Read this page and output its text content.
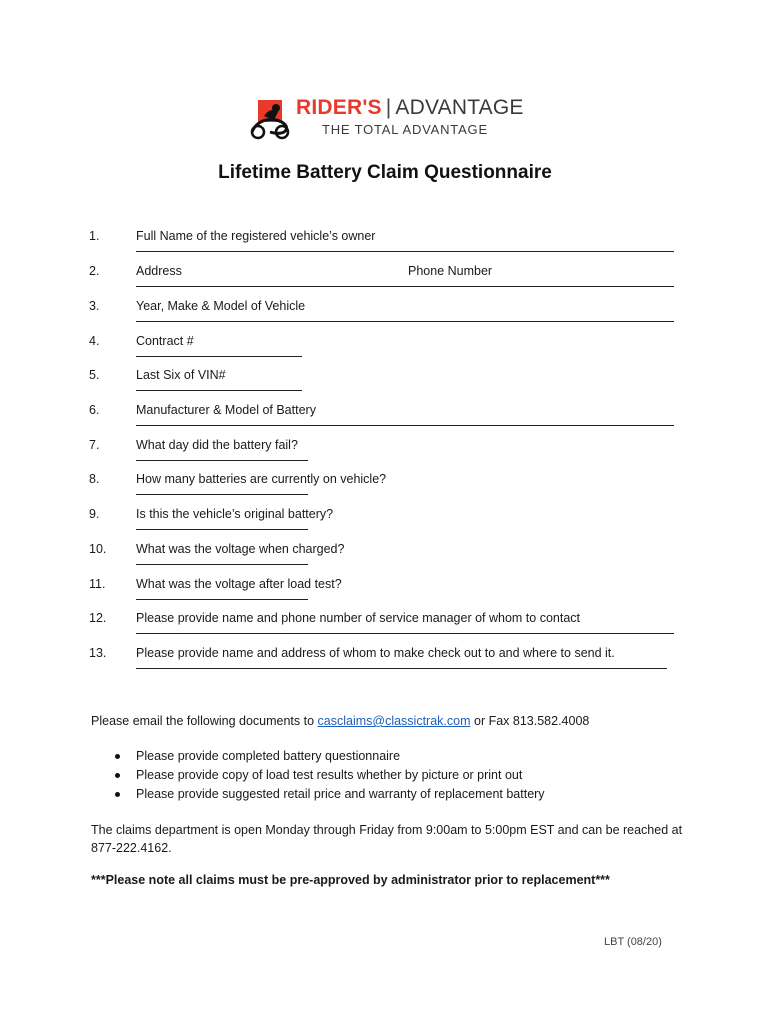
RIDER'S | ADVANTAGE
THE TOTAL ADVANTAGE
Lifetime Battery Claim Questionnaire
1.	Full Name of the registered vehicle’s owner
2.	Address	Phone Number
3.	Year, Make & Model of Vehicle
4.	Contract #
5.	Last Six of VIN#
6.	Manufacturer & Model of Battery
7.	What day did the battery fail?
8.	How many batteries are currently on vehicle?
9.	Is this the vehicle’s original battery?
10. What was the voltage when charged?
11. What was the voltage after load test?
12. Please provide name and phone number of service manager of whom to contact
13. Please provide name and address of whom to make check out to and where to send it.
Please email the following documents to casclaims@classictrak.com or Fax 813.582.4008
Please provide completed battery questionnaire
Please provide copy of load test results whether by picture or print out
Please provide suggested retail price and warranty of replacement battery
The claims department is open Monday through Friday from 9:00am to 5:00pm EST and can be reached at 877-222.4162.
***Please note all claims must be pre-approved by administrator prior to replacement***
LBT (08/20)
